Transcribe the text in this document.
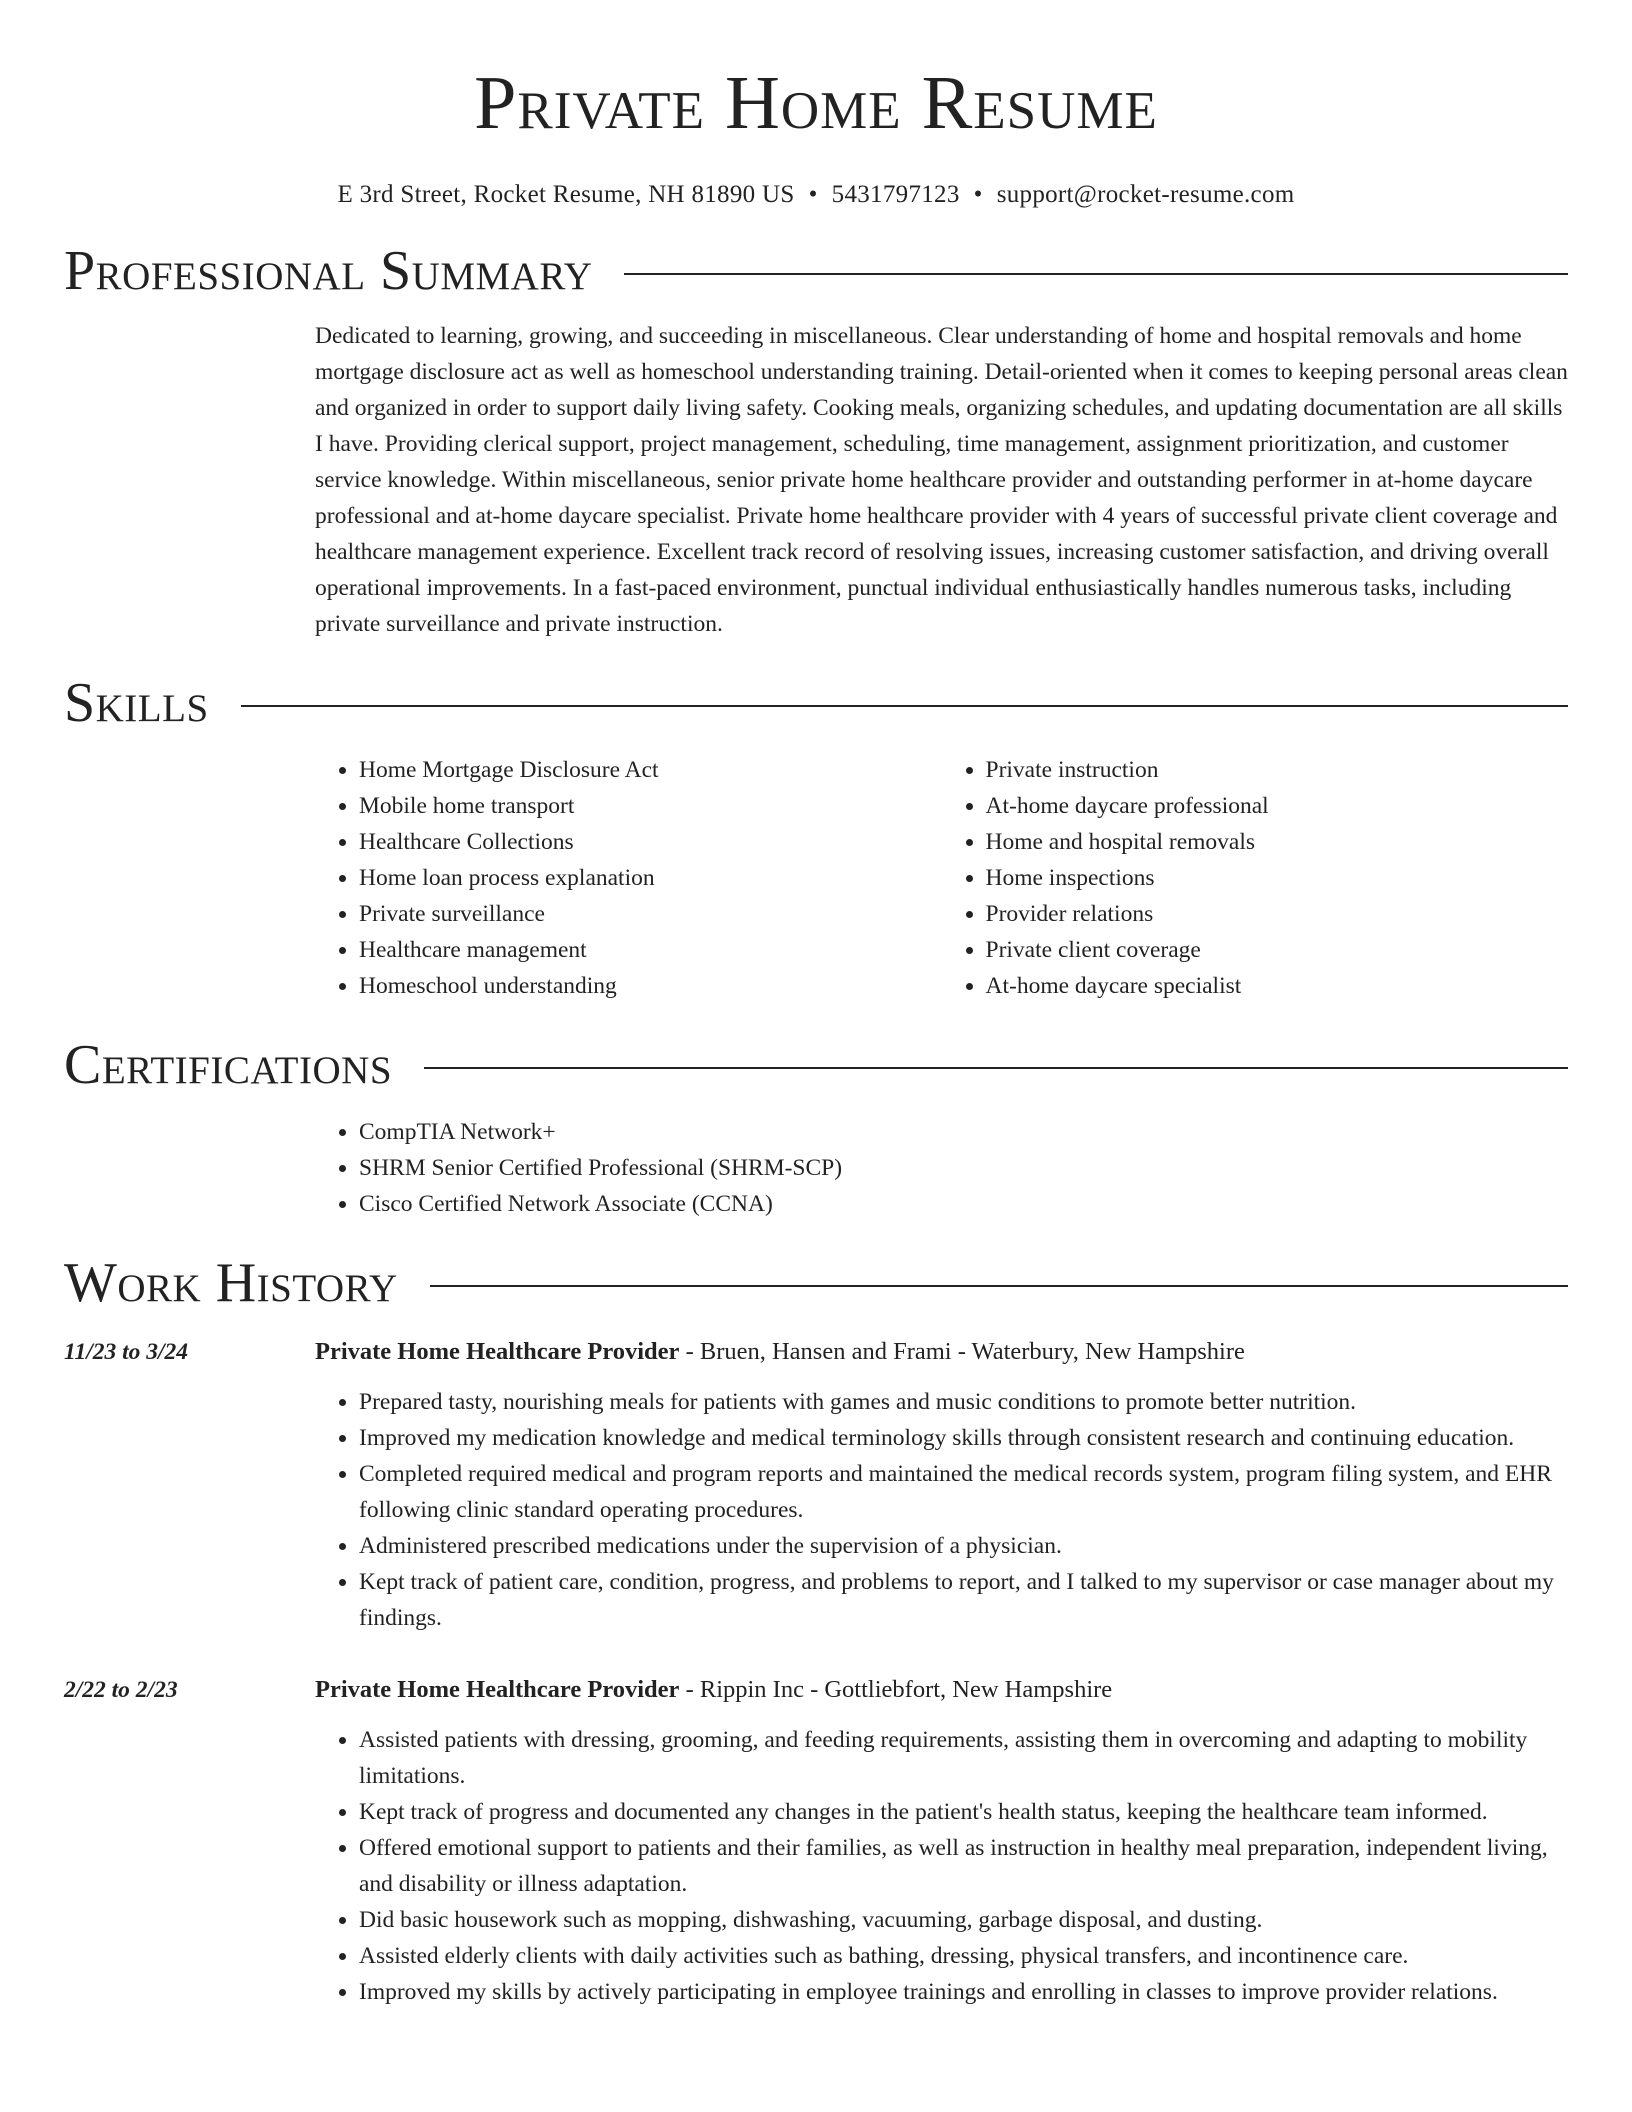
Private Home Resume
E 3rd Street, Rocket Resume, NH 81890 US • 5431797123 • support@rocket-resume.com
Professional Summary
Dedicated to learning, growing, and succeeding in miscellaneous. Clear understanding of home and hospital removals and home mortgage disclosure act as well as homeschool understanding training. Detail-oriented when it comes to keeping personal areas clean and organized in order to support daily living safety. Cooking meals, organizing schedules, and updating documentation are all skills I have. Providing clerical support, project management, scheduling, time management, assignment prioritization, and customer service knowledge. Within miscellaneous, senior private home healthcare provider and outstanding performer in at-home daycare professional and at-home daycare specialist. Private home healthcare provider with 4 years of successful private client coverage and healthcare management experience. Excellent track record of resolving issues, increasing customer satisfaction, and driving overall operational improvements. In a fast-paced environment, punctual individual enthusiastically handles numerous tasks, including private surveillance and private instruction.
Skills
• Home Mortgage Disclosure Act
• Mobile home transport
• Healthcare Collections
• Home loan process explanation
• Private surveillance
• Healthcare management
• Homeschool understanding
• Private instruction
• At-home daycare professional
• Home and hospital removals
• Home inspections
• Provider relations
• Private client coverage
• At-home daycare specialist
Certifications
• CompTIA Network+
• SHRM Senior Certified Professional (SHRM-SCP)
• Cisco Certified Network Associate (CCNA)
Work History
11/23 to 3/24	Private Home Healthcare Provider - Bruen, Hansen and Frami - Waterbury, New Hampshire
• Prepared tasty, nourishing meals for patients with games and music conditions to promote better nutrition.
• Improved my medication knowledge and medical terminology skills through consistent research and continuing education.
• Completed required medical and program reports and maintained the medical records system, program filing system, and EHR following clinic standard operating procedures.
• Administered prescribed medications under the supervision of a physician.
• Kept track of patient care, condition, progress, and problems to report, and I talked to my supervisor or case manager about my findings.
2/22 to 2/23	Private Home Healthcare Provider - Rippin Inc - Gottliebfort, New Hampshire
• Assisted patients with dressing, grooming, and feeding requirements, assisting them in overcoming and adapting to mobility limitations.
• Kept track of progress and documented any changes in the patient's health status, keeping the healthcare team informed.
• Offered emotional support to patients and their families, as well as instruction in healthy meal preparation, independent living, and disability or illness adaptation.
• Did basic housework such as mopping, dishwashing, vacuuming, garbage disposal, and dusting.
• Assisted elderly clients with daily activities such as bathing, dressing, physical transfers, and incontinence care.
• Improved my skills by actively participating in employee trainings and enrolling in classes to improve provider relations.
